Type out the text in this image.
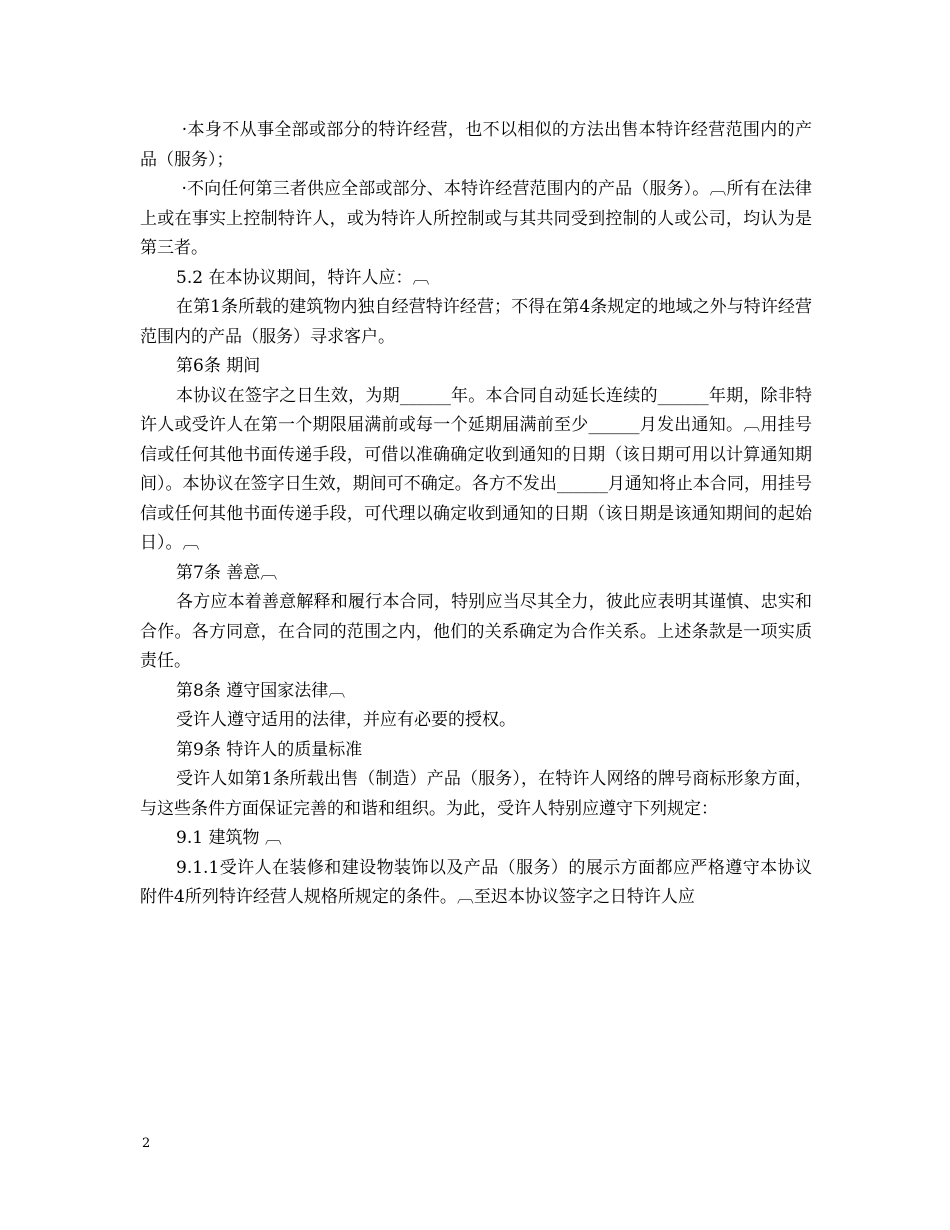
·本身不从事全部或部分的特许经营，也不以相似的方法出售本特许经营范围内的产品（服务）；

·不向任何第三者供应全部或部分、本特许经营范围内的产品（服务）。︹所有在法律上或在事实上控制特许人，或为特许人所控制或与其共同受到控制的人或公司，均认为是第三者。

5.2 在本协议期间，特许人应：︹

在第1条所载的建筑物内独自经营特许经营；不得在第4条规定的地域之外与特许经营范围内的产品（服务）寻求客户。

第6条 期间

本协议在签字之日生效，为期______年。本合同自动延长连续的______年期，除非特许人或受许人在第一个期限届满前或每一个延期届满前至少______月发出通知。︹用挂号信或任何其他书面传递手段，可借以准确确定收到通知的日期（该日期可用以计算通知期间）。本协议在签字日生效，期间可不确定。各方不发出______月通知将止本合同，用挂号信或任何其他书面传递手段，可代理以确定收到通知的日期（该日期是该通知期间的起始日）。︹

第7条 善意︹

各方应本着善意解释和履行本合同，特别应当尽其全力，彼此应表明其谨慎、忠实和合作。各方同意，在合同的范围之内，他们的关系确定为合作关系。上述条款是一项实质责任。

第8条 遵守国家法律︹

受许人遵守适用的法律，并应有必要的授权。

第9条 特许人的质量标准

受许人如第1条所载出售（制造）产品（服务），在特许人网络的牌号商标形象方面，与这些条件方面保证完善的和谐和组织。为此，受许人特别应遵守下列规定：

9.1 建筑物 ︹

9.1.1受许人在装修和建设物装饰以及产品（服务）的展示方面都应严格遵守本协议附件4所列特许经营人规格所规定的条件。︹至迟本协议签字之日特许人应

2
